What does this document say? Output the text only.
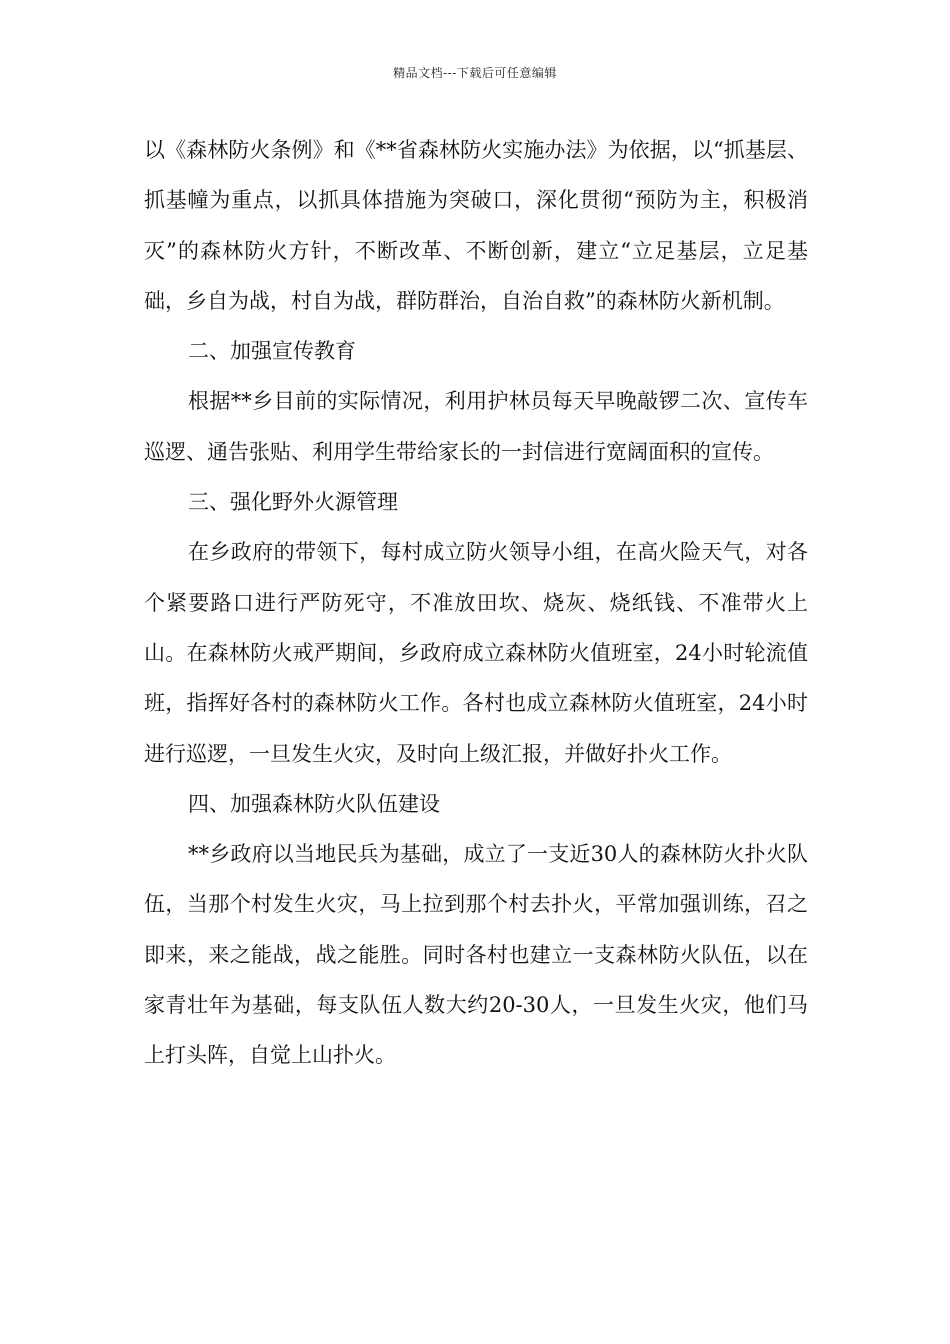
精品文档---下载后可任意编辑

以《森林防火条例》和《**省森林防火实施办法》为依据，以“抓基层、抓基幢为重点，以抓具体措施为突破口，深化贯彻“预防为主，积极消灭”的森林防火方针，不断改革、不断创新，建立“立足基层，立足基础，乡自为战，村自为战，群防群治，自治自救”的森林防火新机制。

二、加强宣传教育

根据**乡目前的实际情况，利用护林员每天早晚敲锣二次、宣传车巡逻、通告张贴、利用学生带给家长的一封信进行宽阔面积的宣传。

三、强化野外火源管理

在乡政府的带领下，每村成立防火领导小组，在高火险天气，对各个紧要路口进行严防死守，不准放田坎、烧灰、烧纸钱、不准带火上山。在森林防火戒严期间，乡政府成立森林防火值班室，24小时轮流值班，指挥好各村的森林防火工作。各村也成立森林防火值班室，24小时进行巡逻，一旦发生火灾，及时向上级汇报，并做好扑火工作。

四、加强森林防火队伍建设

**乡政府以当地民兵为基础，成立了一支近30人的森林防火扑火队伍，当那个村发生火灾，马上拉到那个村去扑火，平常加强训练，召之即来，来之能战，战之能胜。同时各村也建立一支森林防火队伍，以在家青壮年为基础，每支队伍人数大约20-30人，一旦发生火灾，他们马上打头阵，自觉上山扑火。
